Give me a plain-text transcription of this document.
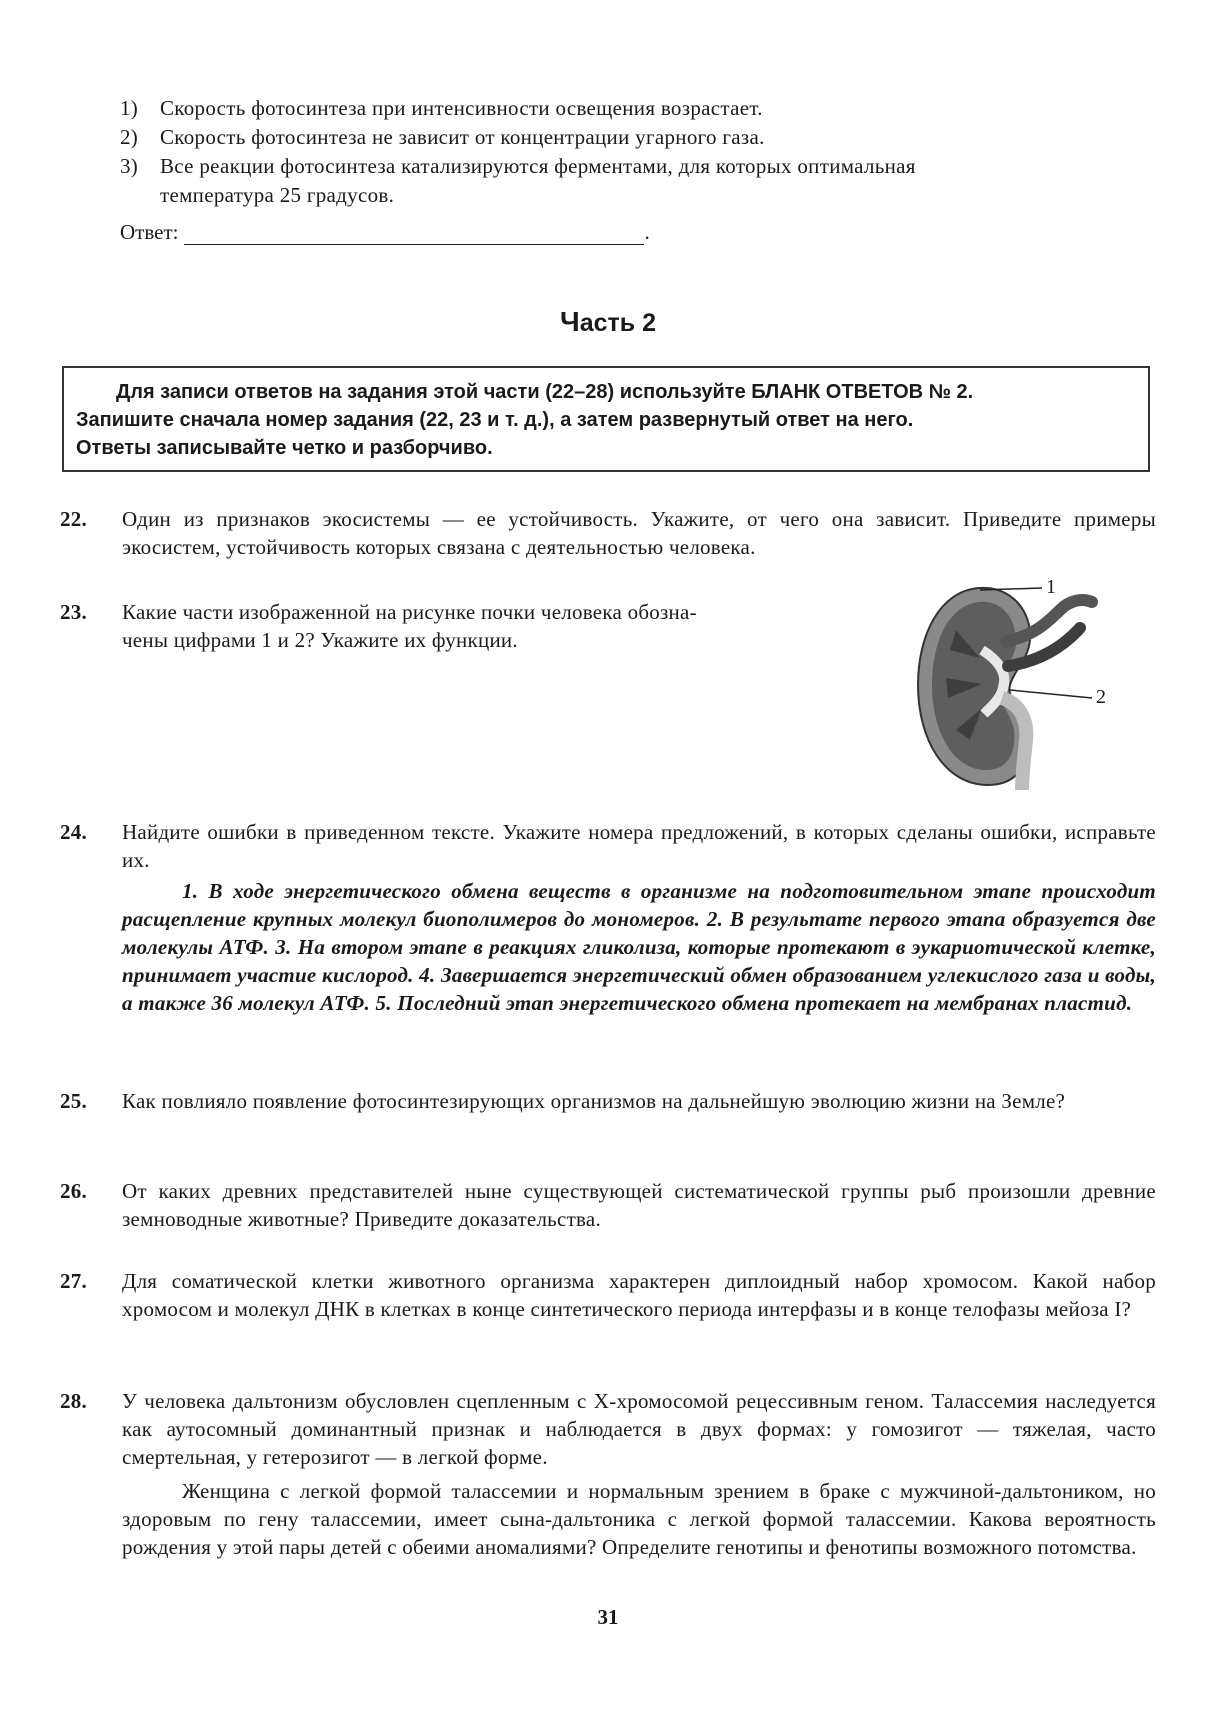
1) Скорость фотосинтеза при интенсивности освещения возрастает.
2) Скорость фотосинтеза не зависит от концентрации угарного газа.
3) Все реакции фотосинтеза катализируются ферментами, для которых оптимальная
температура 25 градусов.
Ответ:	.
Часть 2
Для записи ответов на задания этой части (22–28) используйте БЛАНК ОТВЕТОВ № 2.
Запишите сначала номер задания (22, 23 и т. д.), а затем развернутый ответ на него.
Ответы записывайте четко и разборчиво.
22.	Один из признаков экосистемы — ее устойчивость. Укажите, от чего она зависит. Приведите примеры экосистем, устойчивость которых связана с деятельностью человека.
23.	Какие части изображенной на рисунке почки человека обозна-
чены цифрами 1 и 2? Укажите их функции.
1
2
24.	Найдите ошибки в приведенном тексте. Укажите номера предложений, в которых сделаны ошибки, исправьте их.
1. В ходе энергетического обмена веществ в организме на подготовительном этапе происходит расщепление крупных молекул биополимеров до мономеров. 2. В результате первого этапа образуется две молекулы АТФ. 3. На втором этапе в реакциях гликолиза, которые протекают в эукариотической клетке, принимает участие кислород. 4. Завершается энергетический обмен образованием углекислого газа и воды, а также 36 молекул АТФ. 5. Последний этап энергетического обмена протекает на мембранах пластид.
25.	Как повлияло появление фотосинтезирующих организмов на дальнейшую эволюцию жизни на Земле?
26.	От каких древних представителей ныне существующей систематической группы рыб произошли древние земноводные животные? Приведите доказательства.
27.	Для соматической клетки животного организма характерен диплоидный набор хромосом. Какой набор хромосом и молекул ДНК в клетках в конце синтетического периода интерфазы и в конце телофазы мейоза I?
28.	У человека дальтонизм обусловлен сцепленным с Х-хромосомой рецессивным геном. Талассемия наследуется как аутосомный доминантный признак и наблюдается в двух формах: у гомозигот — тяжелая, часто смертельная, у гетерозигот — в легкой форме.
Женщина с легкой формой талассемии и нормальным зрением в браке с мужчиной-дальтоником, но здоровым по гену талассемии, имеет сына-дальтоника с легкой формой талассемии. Какова вероятность рождения у этой пары детей с обеими аномалиями? Определите генотипы и фенотипы возможного потомства.
31
